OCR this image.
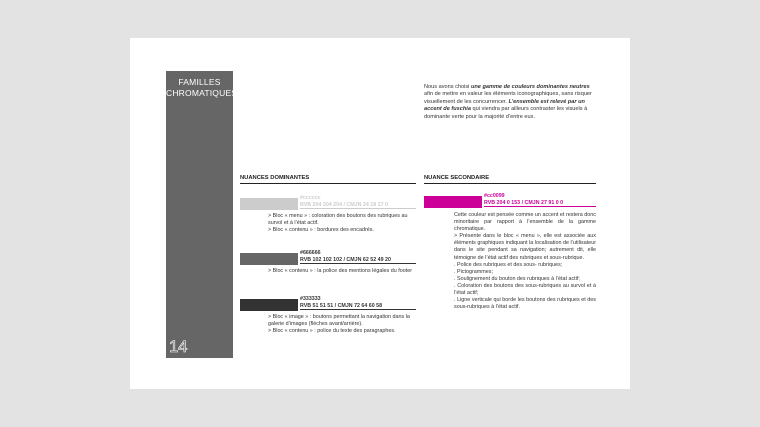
FAMILLES
CHROMATIQUES
14
Nous avons choisi une gamme de couleurs dominantes neutres afin de mettre en valeur les éléments iconographiques, sans risquer visuellement de les concurrencer. L’ensemble est relevé par un accent de fuschia qui viendra par ailleurs contraster les visuels à dominante verte pour la majorité d’entre eux.
NUANCES DOMINANTES	NUANCE SECONDAIRE
#cccccc
RVB 204 204 204 / CMJN 24 18 17 0
> Bloc « menu » : coloration des boutons des rubriques au survol et à l’état actif.
> Bloc « contenu » : bordures des encadrés.
#666666
RVB 102 102 102 / CMJN 62 52 49 20
> Bloc « contenu » : la police des mentions légales du footer
#333333
RVB 51 51 51 / CMJN 72 64 60 58
> Bloc « image » : boutons permettant la navigation dans la galerie d’images (flèches avant/arrière).
> Bloc « contenu » : police du texte des paragraphes.
#cc0099
RVB 204 0 153 / CMJN 27 91 0 0
Cette couleur est pensée comme un accent et restera donc minoritaire par rapport à l’ensemble de la gamme chromatique.
> Présente dans le bloc « menu », elle est associée aux éléments graphiques indiquant la localisation de l’utilisateur dans le site pendant sa navigation; autrement dit, elle témoigne de l’état actif des rubriques et sous-rubrique.
. Police des rubriques et des sous- rubriques;
. Pictogrammes;
. Soulignement du bouton des rubriques à l’état actif;
. Coloration des boutons des sous-rubriques au survol et à l’état actif;
. Ligne verticale qui borde les boutons des rubriques et des sous-rubriques à l’état actif.
